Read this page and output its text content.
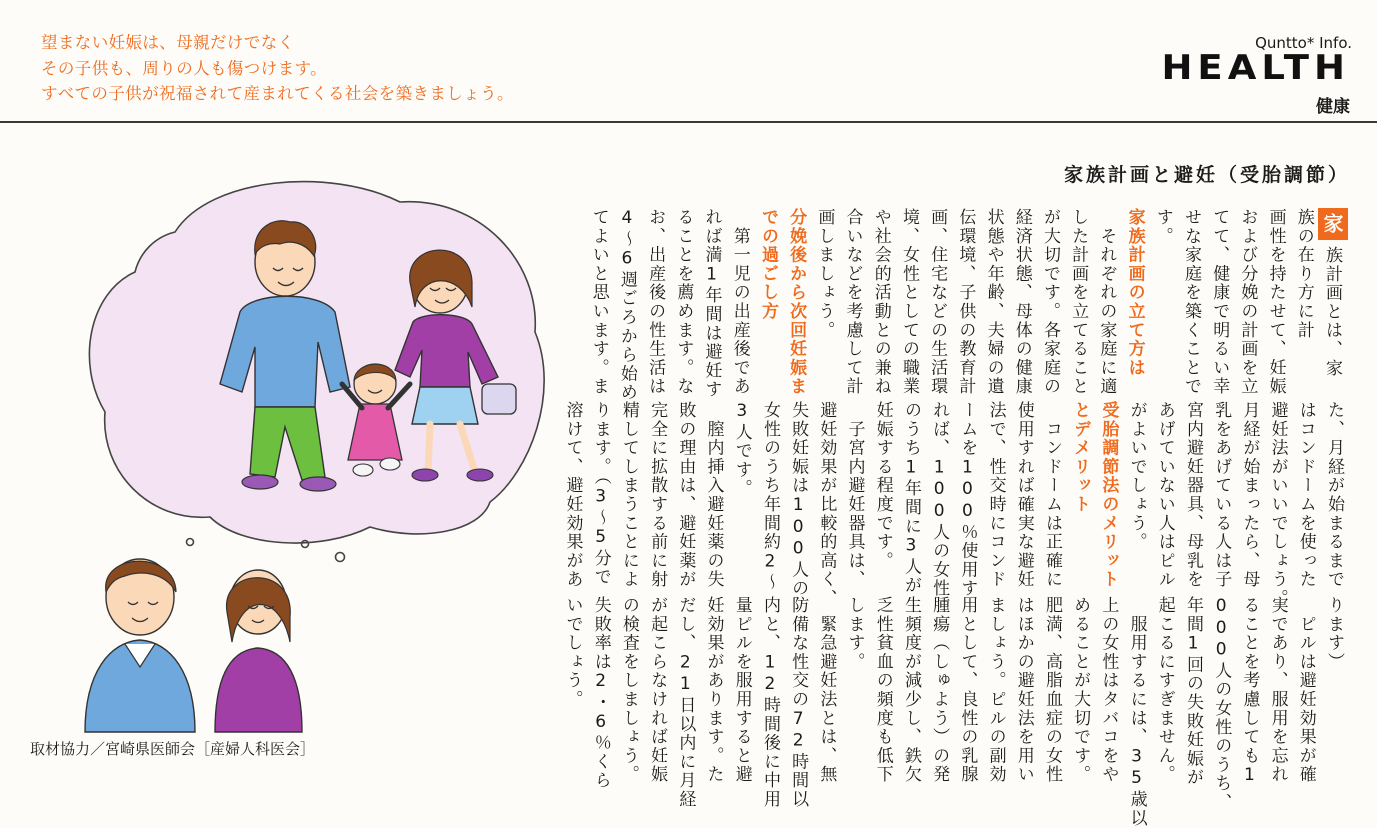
望まない妊娠は、母親だけでなく
その子供も、周りの人も傷つけます。
すべての子供が祝福されて産まれてくる社会を築きましょう。
Quntto* Info.
HEALTH
健康
家族計画と避妊（受胎調節）
取材協力／宮崎県医師会［産婦人科医会］

家族計画とは、家

族の在り方に計

画性を持たせて、妊娠

および分娩の計画を立

てて、健康で明るい幸

せな家庭を築くことで

す。

家族計画の立て方は

　それぞれの家庭に適

した計画を立てること

が大切です。各家庭の

経済状態、母体の健康

状態や年齢、夫婦の遺

伝環境、子供の教育計

画、住宅などの生活環

境、女性としての職業

や社会的活動との兼ね

合いなどを考慮して計

画しましょう。

分娩後から次回妊娠ま

での過ごし方

　第一児の出産後であ

れば満1年間は避妊す

ることを薦めます。な

お、出産後の性生活は

4～6週ごろから始め

てよいと思います。ま

た、月経が始まるまで

はコンドームを使った

避妊法がいいでしょう。

月経が始まったら、母

乳をあげている人は子

宮内避妊器具、母乳を

あげていない人はピル

がよいでしょう。

受胎調節法のメリット

とデメリット

　コンドームは正確に

使用すれば確実な避妊

法で、性交時にコンド

ームを100％使用す

れば、100人の女性

のうち1年間に3人が

妊娠する程度です。

　子宮内避妊器具は、

避妊効果が比較的高く、

失敗妊娠は100人の

女性のうち年間約2～

3人です。

　膣内挿入避妊薬の失

敗の理由は、避妊薬が

完全に拡散する前に射

精してしまうことによ

ります。（3～5分で

溶けて、避妊効果があ

ります）

　ピルは避妊効果が確

実であり、服用を忘れ

ることを考慮しても1

000人の女性のうち、

年間1回の失敗妊娠が

起こるにすぎません。

　服用するには、35歳以

上の女性はタバコをや

めることが大切です。

肥満、高脂血症の女性

はほかの避妊法を用い

ましょう。ピルの副効

用として、良性の乳腺

腫瘍（しゅよう）の発

生頻度が減少し、鉄欠

乏性貧血の頻度も低下

します。

　緊急避妊法とは、無

防備な性交の72時間以

内と、12時間後に中用

量ピルを服用すると避

妊効果があります。た

だし、21日以内に月経

が起こらなければ妊娠

の検査をしましょう。

失敗率は2・6％くら

いでしょう。
